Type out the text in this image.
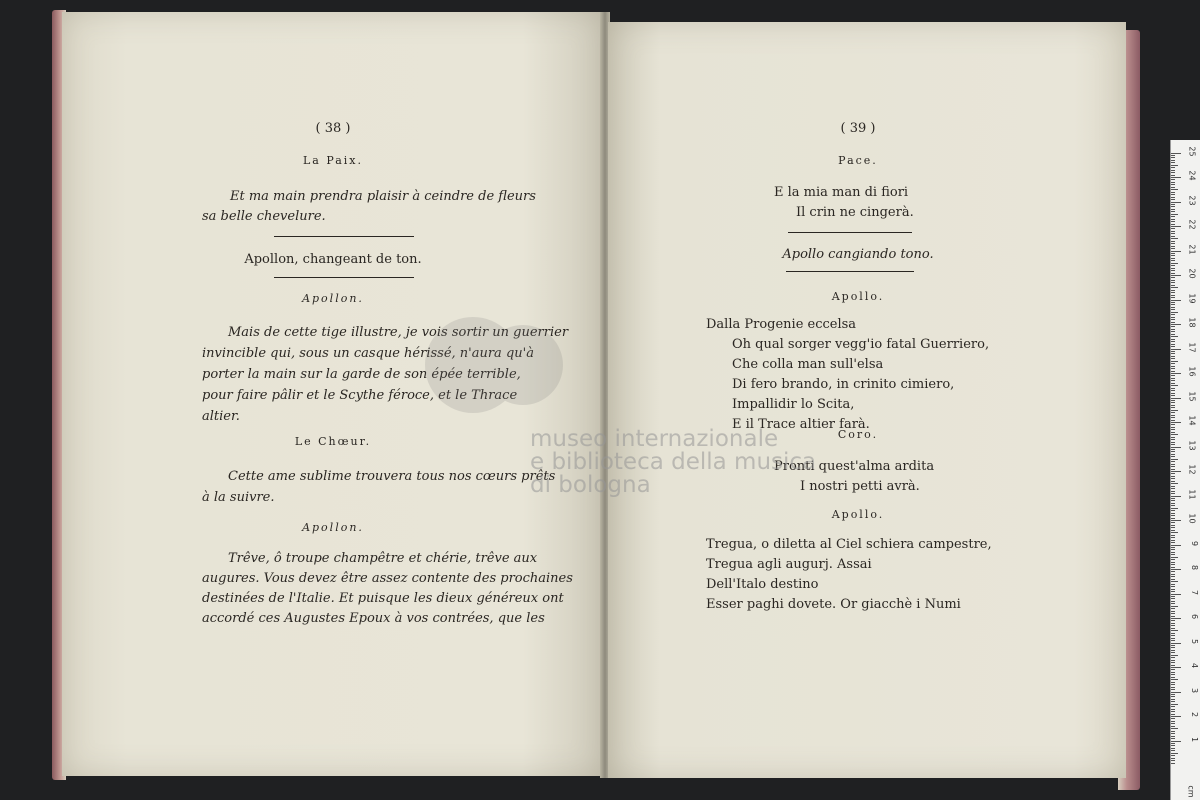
( 38 )
La Paix.
Et ma main prendra plaisir à ceindre de fleurs
sa belle chevelure.
Apollon, changeant de ton.
Apollon.
Mais de cette tige illustre, je vois sortir un guerrier
invincible qui, sous un casque hérissé, n'aura qu'à
porter la main sur la garde de son épée terrible,
pour faire pâlir et le Scythe féroce, et le Thrace
altier.
Le Chœur.
Cette ame sublime trouvera tous nos cœurs prêts
à la suivre.
Apollon.
Trêve, ô troupe champêtre et chérie, trêve aux
augures. Vous devez être assez contente des prochaines
destinées de l'Italie. Et puisque les dieux généreux ont
accordé ces Augustes Epoux à vos contrées, que les
( 39 )
Pace.
E la mia man di fiori
Il crin ne cingerà.
Apollo cangiando tono.
Apollo.
Dalla Progenie eccelsa
Oh qual sorger vegg'io fatal Guerriero,
Che colla man sull'elsa
Di fero brando, in crinito cimiero,
Impallidir lo Scita,
E il Trace altier farà.
Coro.
Pronti quest'alma ardita
I nostri petti avrà.
Apollo.
Tregua, o diletta al Ciel schiera campestre,
Tregua agli augurj. Assai
Dell'Italo destino
Esser paghi dovete. Or giacchè i Numi
museo internazionale
e biblioteca della musica
di bologna
cm
1
2
3
4
5
6
7
8
9
10
11
12
13
14
15
16
17
18
19
20
21
22
23
24
25
